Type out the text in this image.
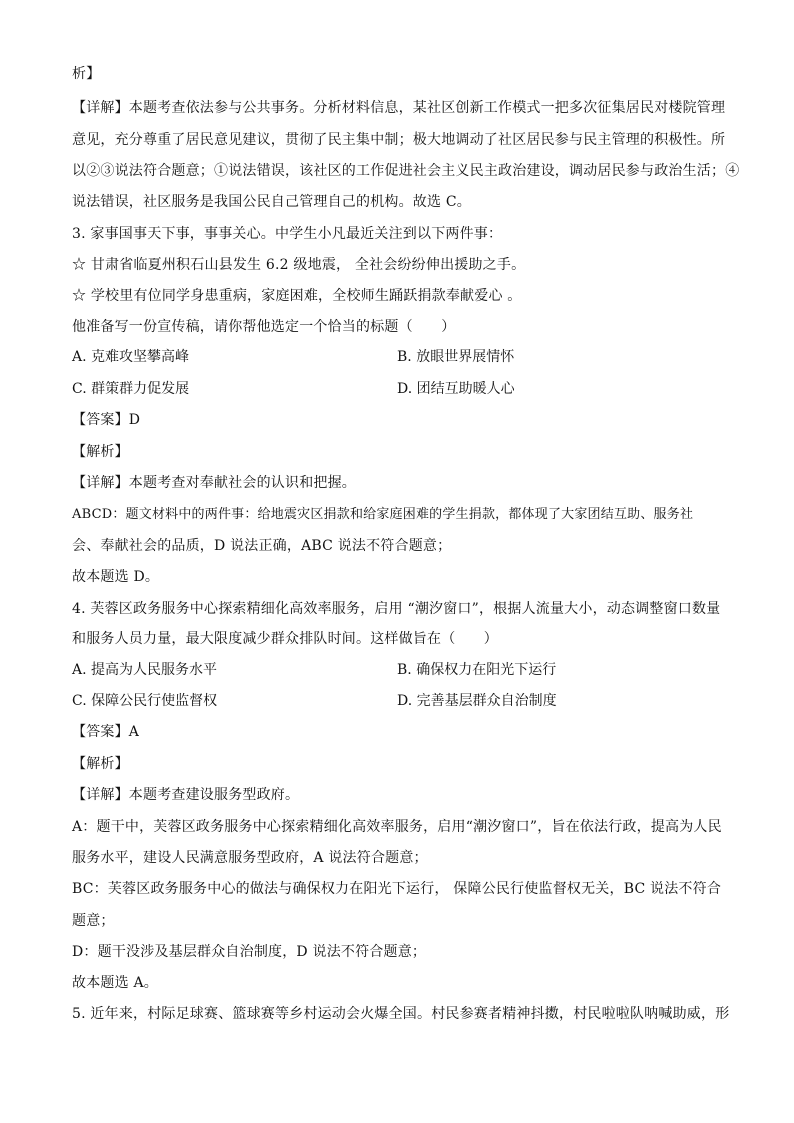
析】
【详解】本题考查依法参与公共事务。分析材料信息，某社区创新工作模式一把多次征集居民对楼院管理
意见，充分尊重了居民意见建议，贯彻了民主集中制；极大地调动了社区居民参与民主管理的积极性。所
以②③说法符合题意；①说法错误，该社区的工作促进社会主义民主政治建设，调动居民参与政治生活；④
说法错误，社区服务是我国公民自己管理自己的机构。故选 C。
3. 家事国事天下事，事事关心。中学生小凡最近关注到以下两件事：
☆ 甘肃省临夏州积石山县发生 6.2 级地震， 全社会纷纷伸出援助之手。
☆ 学校里有位同学身患重病，家庭困难，全校师生踊跃捐款奉献爱心 。
他准备写一份宣传稿，请你帮他选定一个恰当的标题（　　）
A. 克难攻坚攀高峰	B. 放眼世界展情怀
C. 群策群力促发展	D. 团结互助暖人心
【答案】D
【解析】
【详解】本题考查对奉献社会的认识和把握。
ABCD：题文材料中的两件事：给地震灾区捐款和给家庭困难的学生捐款，都体现了大家团结互助、服务社
会、奉献社会的品质，D 说法正确，ABC 说法不符合题意；
故本题选 D。
4. 芙蓉区政务服务中心探索精细化高效率服务，启用 “潮汐窗口”，根据人流量大小，动态调整窗口数量
和服务人员力量，最大限度减少群众排队时间。这样做旨在（　　）
A. 提高为人民服务水平	B. 确保权力在阳光下运行
C. 保障公民行使监督权	D. 完善基层群众自治制度
【答案】A
【解析】
【详解】本题考查建设服务型政府。
A：题干中，芙蓉区政务服务中心探索精细化高效率服务，启用“潮汐窗口”，旨在依法行政，提高为人民
服务水平，建设人民满意服务型政府，A 说法符合题意；
BC：芙蓉区政务服务中心的做法与确保权力在阳光下运行， 保障公民行使监督权无关，BC 说法不符合
题意；
D：题干没涉及基层群众自治制度，D 说法不符合题意；
故本题选 A。
5. 近年来，村际足球赛、篮球赛等乡村运动会火爆全国。村民参赛者精神抖擞，村民啦啦队呐喊助威，形
